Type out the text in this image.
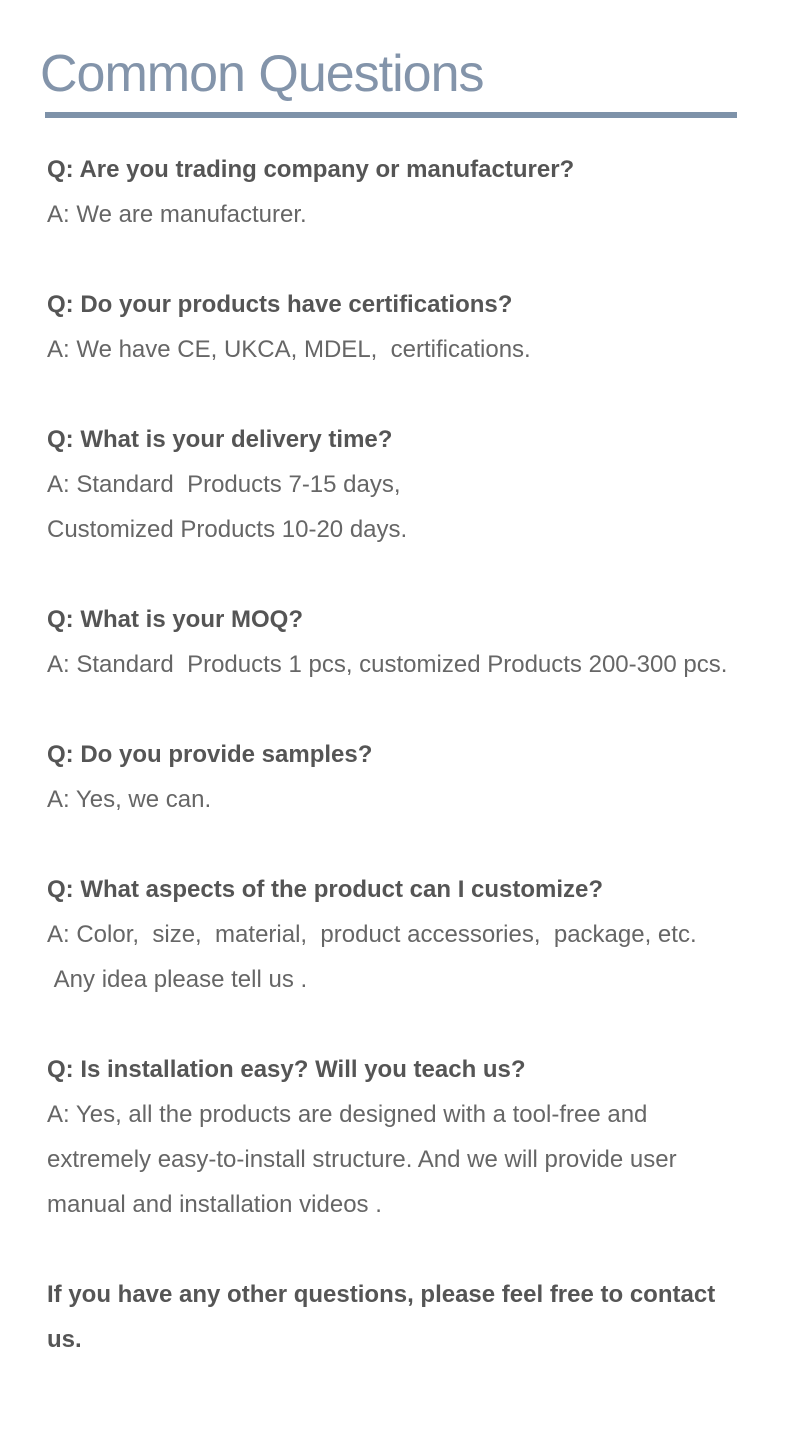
Common Questions
Q: Are you trading company or manufacturer?
A: We are manufacturer.
Q: Do your products have certifications?
A: We have CE, UKCA, MDEL,  certifications.
Q: What is your delivery time?
A: Standard  Products 7-15 days,
Customized Products 10-20 days.
Q: What is your MOQ?
A: Standard  Products 1 pcs, customized Products 200-300 pcs.
Q: Do you provide samples?
A: Yes, we can.
Q: What aspects of the product can I customize?
A: Color,  size,  material,  product accessories,  package, etc.
Any idea please tell us .
Q: Is installation easy? Will you teach us?
A: Yes, all the products are designed with a tool-free and
extremely easy-to-install structure. And we will provide user
manual and installation videos .
If you have any other questions, please feel free to contact us.
